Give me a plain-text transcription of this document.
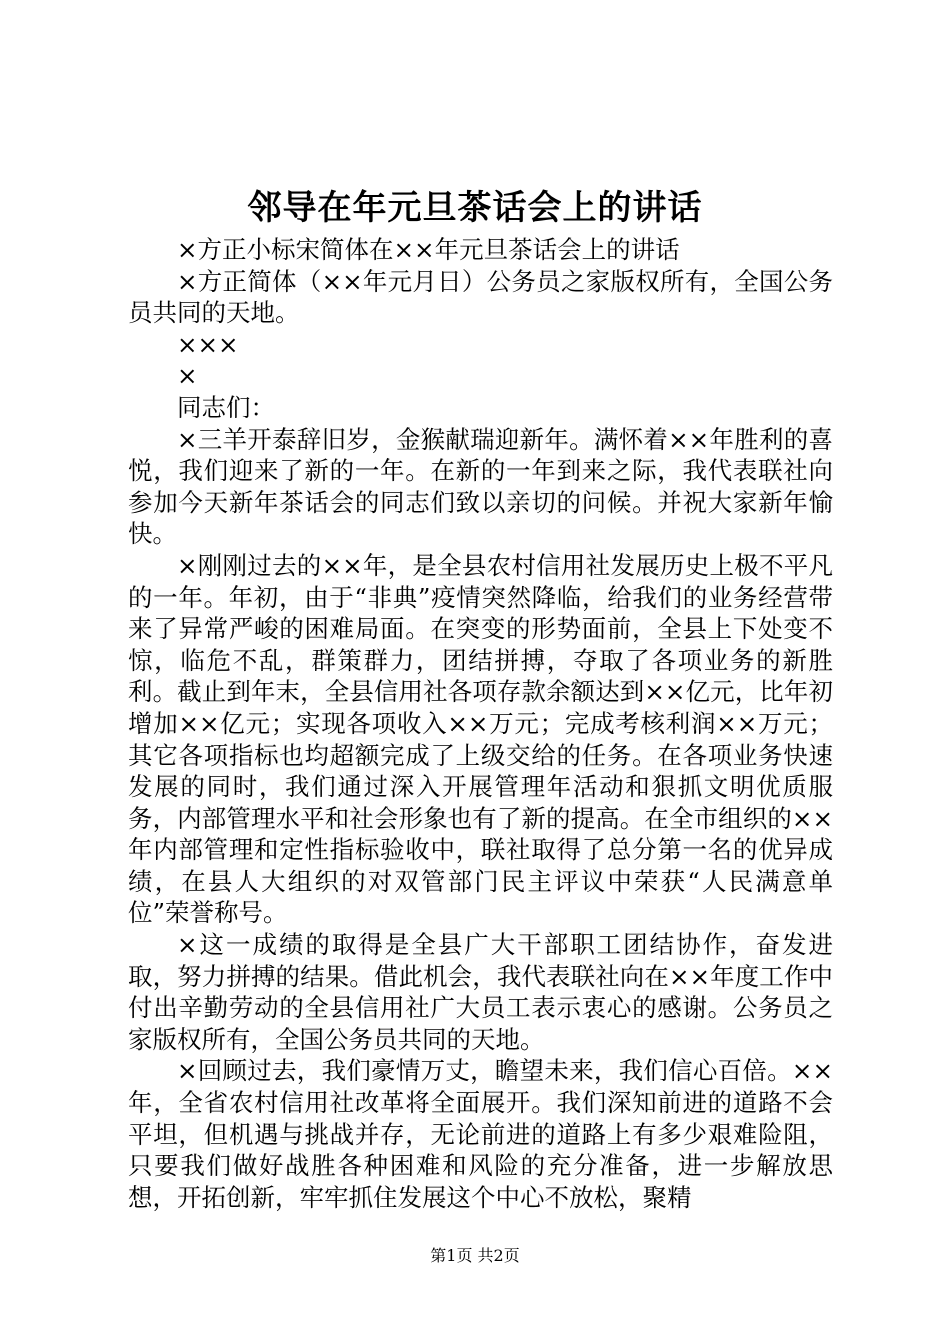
邻导在年元旦茶话会上的讲话

×方正小标宋简体在××年元旦茶话会上的讲话

×方正简体（××年元月日）公务员之家版权所有，全国公务员共同的天地。

×××

×

同志们：

×三羊开泰辞旧岁，金猴献瑞迎新年。满怀着××年胜利的喜悦，我们迎来了新的一年。在新的一年到来之际，我代表联社向参加今天新年茶话会的同志们致以亲切的问候。并祝大家新年愉快。

×刚刚过去的××年，是全县农村信用社发展历史上极不平凡的一年。年初，由于“非典”疫情突然降临，给我们的业务经营带来了异常严峻的困难局面。在突变的形势面前，全县上下处变不惊，临危不乱，群策群力，团结拼搏，夺取了各项业务的新胜利。截止到年末，全县信用社各项存款余额达到××亿元，比年初增加××亿元；实现各项收入××万元；完成考核利润××万元；其它各项指标也均超额完成了上级交给的任务。在各项业务快速发展的同时，我们通过深入开展管理年活动和狠抓文明优质服务，内部管理水平和社会形象也有了新的提高。在全市组织的××年内部管理和定性指标验收中，联社取得了总分第一名的优异成绩，在县人大组织的对双管部门民主评议中荣获“人民满意单位”荣誉称号。

×这一成绩的取得是全县广大干部职工团结协作，奋发进取，努力拼搏的结果。借此机会，我代表联社向在××年度工作中付出辛勤劳动的全县信用社广大员工表示衷心的感谢。公务员之家版权所有，全国公务员共同的天地。

×回顾过去，我们豪情万丈，瞻望未来，我们信心百倍。××年，全省农村信用社改革将全面展开。我们深知前进的道路不会平坦，但机遇与挑战并存，无论前进的道路上有多少艰难险阻，只要我们做好战胜各种困难和风险的充分准备，进一步解放思想，开拓创新，牢牢抓住发展这个中心不放松，聚精

第1页 共2页
